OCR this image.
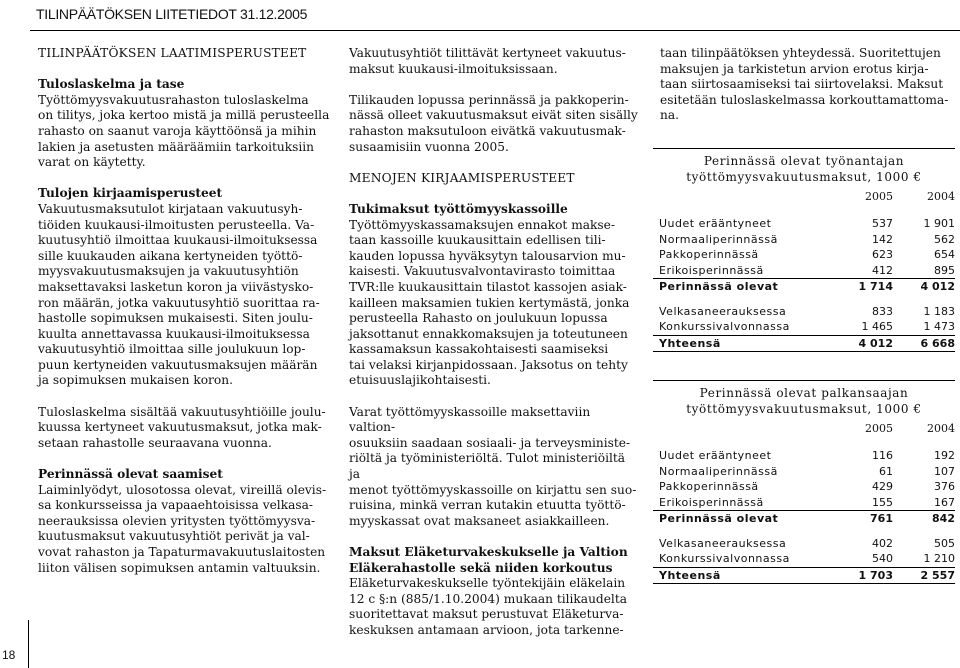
TILINPÄÄTÖKSEN LIITETIEDOT 31.12.2005

TILINPÄÄTÖKSEN LAATIMISPERUSTEET

Tuloslaskelma ja tase

Työttömyysvakuutusrahaston tuloslaskelma

on tilitys, joka kertoo mistä ja millä perusteella

rahasto on saanut varoja käyttöönsä ja mihin

lakien ja asetusten määräämiin tarkoituksiin

varat on käytetty.

Tulojen kirjaamisperusteet

Vakuutusmaksutulot kirjataan vakuutusyh-

tiöiden kuukausi-ilmoitusten perusteella. Va-

kuutusyhtiö ilmoittaa kuukausi-ilmoituksessa

sille kuukauden aikana kertyneiden työttö-

myysvakuutusmaksujen ja vakuutusyhtiön

maksettavaksi lasketun koron ja viivästysko-

ron määrän, jotka vakuutusyhtiö suorittaa ra-

hastolle sopimuksen mukaisesti. Siten joulu-

kuulta annettavassa kuukausi-ilmoituksessa

vakuutusyhtiö ilmoittaa sille joulukuun lop-

puun kertyneiden vakuutusmaksujen määrän

ja sopimuksen mukaisen koron.

Tuloslaskelma sisältää vakuutusyhtiöille joulu-

kuussa kertyneet vakuutusmaksut, jotka mak-

setaan rahastolle seuraavana vuonna.

Perinnässä olevat saamiset

Laiminlyödyt, ulosotossa olevat, vireillä olevis-

sa konkursseissa ja vapaaehtoisissa velkasa-

neerauksissa olevien yritysten työttömyysva-

kuutusmaksut vakuutusyhtiöt perivät ja val-

vovat rahaston ja Tapaturmavakuutuslaitosten

liiton välisen sopimuksen antamin valtuuksin.

Vakuutusyhtiöt tilittävät kertyneet vakuutus-

maksut kuukausi-ilmoituksissaan.

Tilikauden lopussa perinnässä ja pakkoperin-

nässä olleet vakuutusmaksut eivät siten sisälly

rahaston maksutuloon eivätkä vakuutusmak-

susaamisiin vuonna 2005.

MENOJEN KIRJAAMISPERUSTEET

Tukimaksut työttömyyskassoille

Työttömyyskassamaksujen ennakot makse-

taan kassoille kuukausittain edellisen tili-

kauden lopussa hyväksytyn talousarvion mu-

kaisesti. Vakuutusvalvontavirasto toimittaa

TVR:lle kuukausittain tilastot kassojen asiak-

kailleen maksamien tukien kertymästä, jonka

perusteella Rahasto on joulukuun lopussa

jaksottanut ennakkomaksujen ja toteutuneen

kassamaksun kassakohtaisesti saamiseksi

tai velaksi kirjanpidossaan. Jaksotus on tehty

etuisuuslajikohtaisesti.

Varat työttömyyskassoille maksettaviin valtion-

osuuksiin saadaan sosiaali- ja terveysministe-

riöltä ja työministeriöltä. Tulot ministeriöiltä ja

menot työttömyyskassoille on kirjattu sen suo-

ruisina, minkä verran kutakin etuutta työttö-

myyskassat ovat maksaneet asiakkailleen.

Maksut Eläketurvakeskukselle ja Valtion

Eläkerahastolle sekä niiden korkoutus

Eläketurvakeskukselle työntekijäin eläkelain

12 c §:n (885/1.10.2004) mukaan tilikaudelta

suoritettavat maksut perustuvat Eläketurva-

keskuksen antamaan arvioon, jota tarkenne-

taan tilinpäätöksen yhteydessä. Suoritettujen

maksujen ja tarkistetun arvion erotus kirja-

taan siirtosaamiseksi tai siirtovelaksi. Maksut

esitetään tuloslaskelmassa korkouttamattoma-

na.

Perinnässä olevat työnantajan
työttömyysvakuutusmaksut, 1000 €
	2005	2004

Uudet erääntyneet	537	1 901
Normaaliperinnässä	142	562
Pakkoperinnässä	623	654
Erikoisperinnässä	412	895
Perinnässä olevat	1 714	4 012

Velkasaneerauksessa	833	1 183
Konkurssivalvonnassa	1 465	1 473
Yhteensä	4 012	6 668
Perinnässä olevat palkansaajan
työttömyysvakuutusmaksut, 1000 €
	2005	2004

Uudet erääntyneet	116	192
Normaaliperinnässä	61	107
Pakkoperinnässä	429	376
Erikoisperinnässä	155	167
Perinnässä olevat	761	842

Velkasaneerauksessa	402	505
Konkurssivalvonnassa	540	1 210
Yhteensä	1 703	2 557
18
